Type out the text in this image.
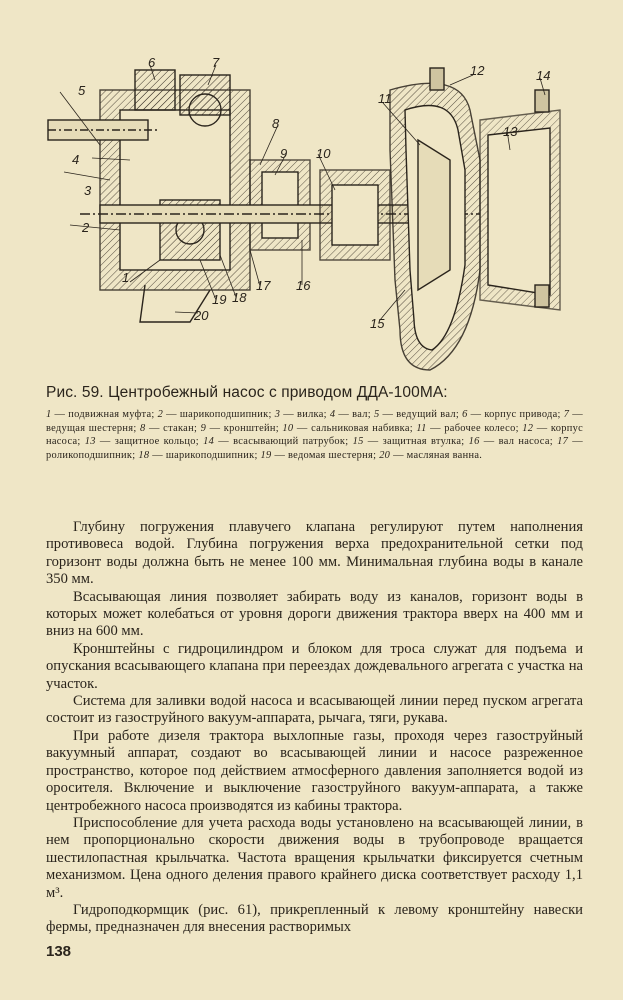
1
2
3
4
5
6	7
8
9 10
11
12
13
14
15
16
17
18
19
20
Рис. 59. Центробежный насос с приводом ДДА-100МА:
1 — подвижная муфта; 2 — шарикоподшипник; 3 — вилка; 4 — вал; 5 — ведущий вал; 6 — корпус привода; 7 — ведущая шестерня; 8 — стакан; 9 — кронштейн; 10 — сальниковая набивка; 11 — рабочее колесо; 12 — корпус насоса; 13 — защитное кольцо; 14 — всасывающий патрубок; 15 — защитная втулка; 16 — вал насоса; 17 — роликоподшипник; 18 — шарикоподшипник; 19 — ведомая шестерня; 20 — масляная ванна.

Глубину погружения плавучего клапана регулируют путем наполнения противовеса водой. Глубина погружения верха предохранительной сетки под горизонт воды должна быть не менее 100 мм. Минимальная глубина воды в канале 350 мм.

Всасывающая линия позволяет забирать воду из каналов, горизонт воды в которых может колебаться от уровня дороги движения трактора вверх на 400 мм и вниз на 600 мм.

Кронштейны с гидроцилиндром и блоком для троса служат для подъема и опускания всасывающего клапана при переездах дождевального агрегата с участка на участок.

Система для заливки водой насоса и всасывающей линии перед пуском агрегата состоит из газоструйного вакуум-аппарата, рычага, тяги, рукава.

При работе дизеля трактора выхлопные газы, проходя через газоструйный вакуумный аппарат, создают во всасывающей линии и насосе разреженное пространство, которое под действием атмосферного давления заполняется водой из оросителя. Включение и выключение газоструйного вакуум-аппарата, а также центробежного насоса производятся из кабины трактора.

Приспособление для учета расхода воды установлено на всасывающей линии, в нем пропорционально скорости движения воды в трубопроводе вращается шестилопастная крыльчатка. Частота вращения крыльчатки фиксируется счетным механизмом. Цена одного деления правого крайнего диска соответствует расходу 1,1 м³.

Гидроподкормщик (рис. 61), прикрепленный к левому кронштейну навески фермы, предназначен для внесения растворимых

138
